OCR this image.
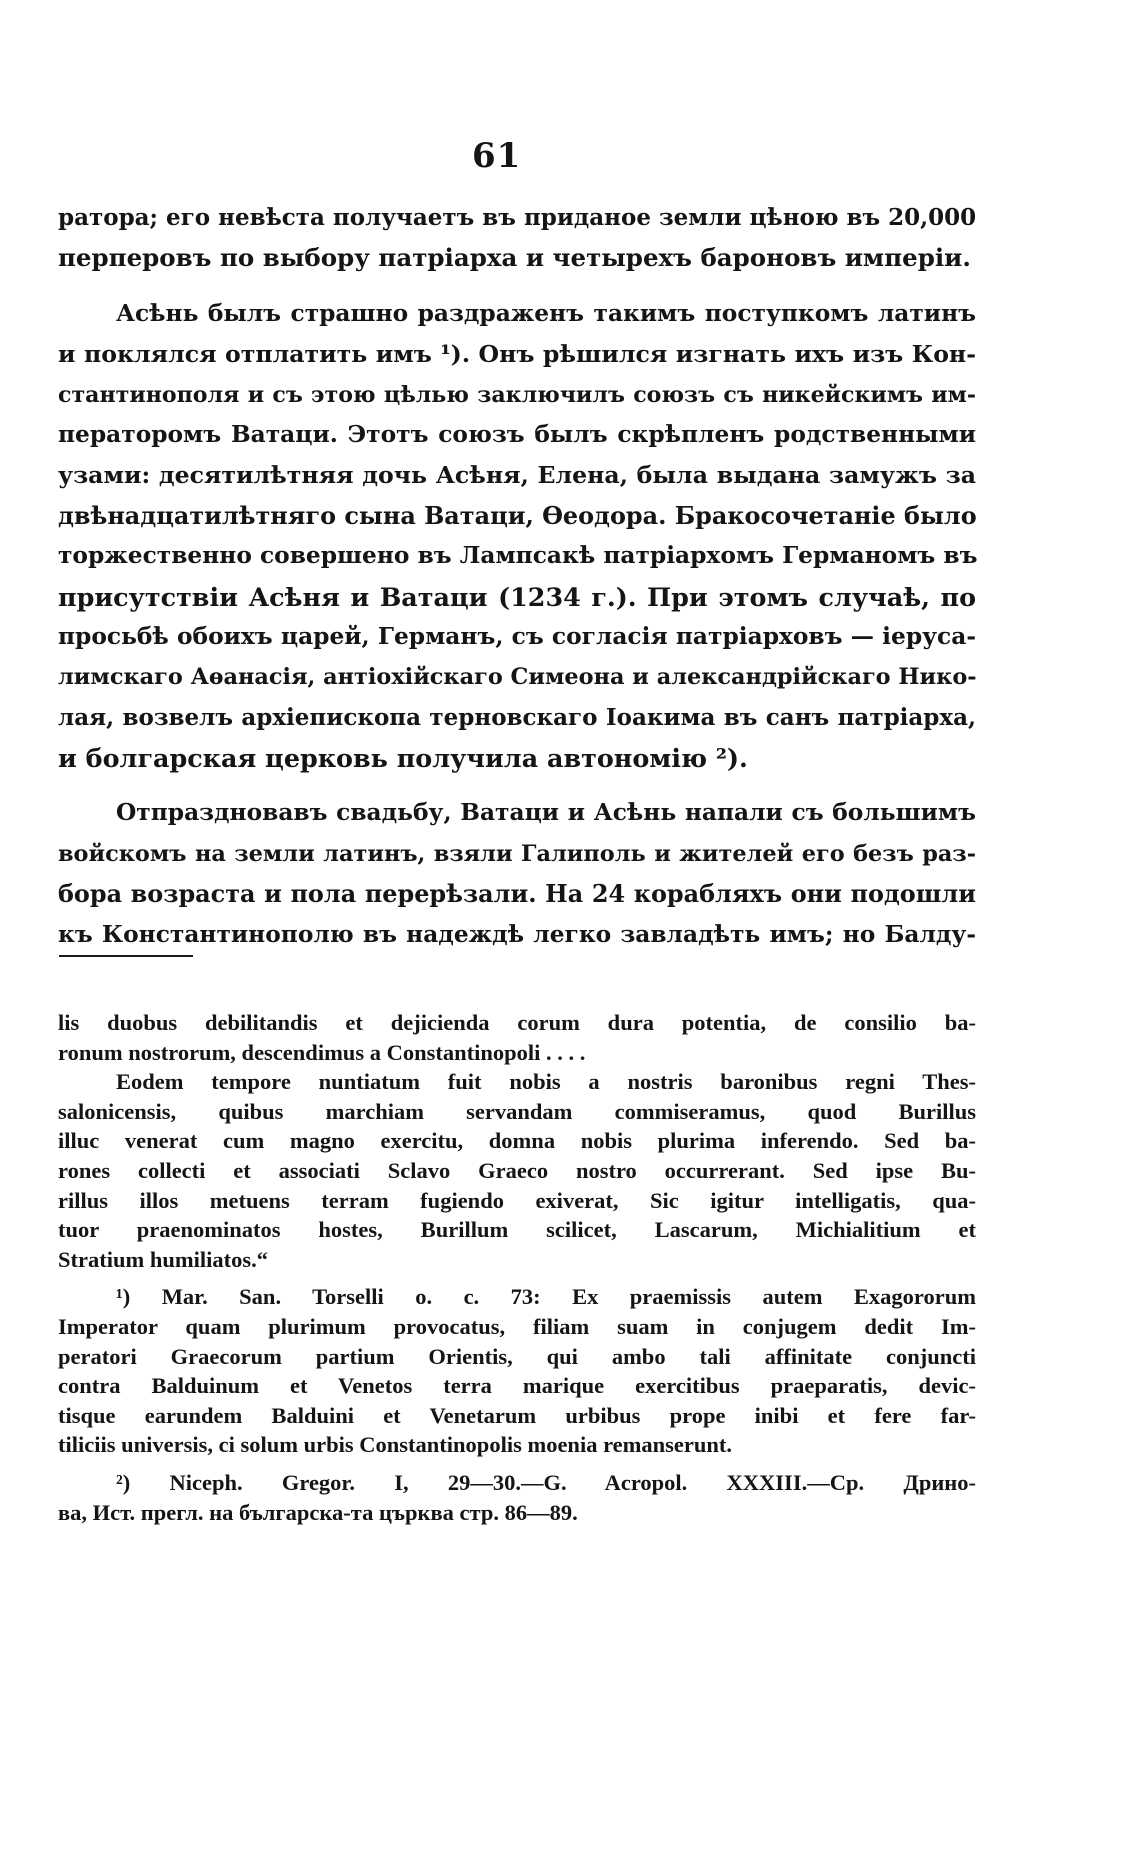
61
ратора; его невѣста получаетъ въ приданое земли цѣною въ 20,000
перперовъ по выбору патріарха и четырехъ бароновъ имперіи.
Асѣнь былъ страшно раздраженъ такимъ поступкомъ латинъ
и поклялся отплатить имъ ¹). Онъ рѣшился изгнать ихъ изъ Кон-
стантинополя и съ этою цѣлью заключилъ союзъ съ никейскимъ им-
ператоромъ Ватаци. Этотъ союзъ былъ скрѣпленъ родственными
узами: десятилѣтняя дочь Асѣня, Елена, была выдана замужъ за
двѣнадцатилѣтняго сына Ватаци, Өеодора. Бракосочетаніе было
торжественно совершено въ Лампсакѣ патріархомъ Германомъ въ
присутствіи Асѣня и Ватаци (1234 г.). При этомъ случаѣ, по
просьбѣ обоихъ царей, Германъ, съ согласія патріарховъ — іеруса-
лимскаго Аѳанасія, антіохійскаго Симеона и александрійскаго Нико-
лая, возвелъ архіепископа терновскаго Іоакима въ санъ патріарха,
и болгарская церковь получила автономію ²).
Отпраздновавъ свадьбу, Ватаци и Асѣнь напали съ большимъ
войскомъ на земли латинъ, взяли Галиполь и жителей его безъ раз-
бора возраста и пола перерѣзали. На 24 корабляхъ они подошли
къ Константинополю въ надеждѣ легко завладѣть имъ; но Балду-
lis duobus debilitandis et dejicienda corum dura potentia, de consilio ba-
ronum nostrorum, descendimus a Constantinopoli . . . .
Eodem tempore nuntiatum fuit nobis a nostris baronibus regni Thes-
salonicensis, quibus marchiam servandam commiseramus, quod Burillus
illuc venerat cum magno exercitu, domna nobis plurima inferendo. Sed ba-
rones collecti et associati Sclavo Graeco nostro occurrerant. Sed ipse Bu-
rillus illos metuens terram fugiendo exiverat, Sic igitur intelligatis, qua-
tuor praenominatos hostes, Burillum scilicet, Lascarum, Michialitium et
Stratium humiliatos.“
¹) Mar. San. Torselli o. c. 73: Ex praemissis autem Exagororum
Imperator quam plurimum provocatus, filiam suam in conjugem dedit Im-
peratori Graecorum partium Orientis, qui ambo tali affinitate conjuncti
contra Balduinum et Venetos terra marique exercitibus praeparatis, devic-
tisque earundem Balduini et Venetarum urbibus prope inibi et fere far-
tiliciis universis, ci solum urbis Constantinopolis moenia remanserunt.
²) Niceph. Gregor. I, 29—30.—G. Acropol. XXXIII.—Ср. Дрино-
ва, Ист. прегл. на българска-та църква стр. 86—89.
